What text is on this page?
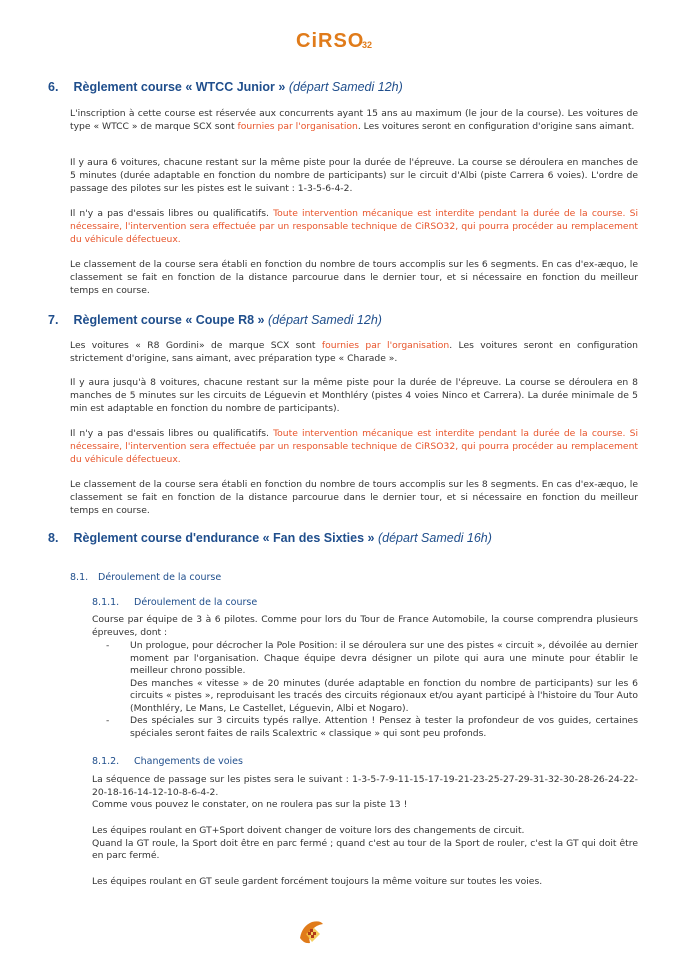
CiRSO
32
6. Règlement course « WTCC Junior » (départ Samedi 12h)

L'inscription à cette course est réservée aux concurrents ayant 15 ans au maximum (le jour de la course). Les voitures de type « WTCC » de marque SCX sont fournies par l'organisation. Les voitures seront en configuration d'origine sans aimant.

Il y aura 6 voitures, chacune restant sur la même piste pour la durée de l'épreuve. La course se déroulera en manches de 5 minutes (durée adaptable en fonction du nombre de participants) sur le circuit d'Albi (piste Carrera 6 voies). L'ordre de passage des pilotes sur les pistes est le suivant : 1-3-5-6-4-2.

Il n'y a pas d'essais libres ou qualificatifs. Toute intervention mécanique est interdite pendant la durée de la course. Si nécessaire, l'intervention sera effectuée par un responsable technique de CiRSO32, qui pourra procéder au remplacement du véhicule défectueux.

Le classement de la course sera établi en fonction du nombre de tours accomplis sur les 6 segments. En cas d'ex-æquo, le classement se fait en fonction de la distance parcourue dans le dernier tour, et si nécessaire en fonction du meilleur temps en course.

7. Règlement course « Coupe R8 » (départ Samedi 12h)

Les voitures « R8 Gordini» de marque SCX sont fournies par l'organisation. Les voitures seront en configuration strictement d'origine, sans aimant, avec préparation type « Charade ».

Il y aura jusqu'à 8 voitures, chacune restant sur la même piste pour la durée de l'épreuve. La course se déroulera en 8 manches de 5 minutes sur les circuits de Léguevin et Monthléry (pistes 4 voies Ninco et Carrera). La durée minimale de 5 min est adaptable en fonction du nombre de participants).

Il n'y a pas d'essais libres ou qualificatifs. Toute intervention mécanique est interdite pendant la durée de la course. Si nécessaire, l'intervention sera effectuée par un responsable technique de CiRSO32, qui pourra procéder au remplacement du véhicule défectueux.

Le classement de la course sera établi en fonction du nombre de tours accomplis sur les 8 segments. En cas d'ex-æquo, le classement se fait en fonction de la distance parcourue dans le dernier tour, et si nécessaire en fonction du meilleur temps en course.

8. Règlement course d'endurance « Fan des Sixties » (départ Samedi 16h)
8.1. Déroulement de la course
8.1.1. Déroulement de la course

Course par équipe de 3 à 6 pilotes. Comme pour lors du Tour de France Automobile, la course comprendra plusieurs épreuves, dont :

- Un prologue, pour décrocher la Pole Position: il se déroulera sur une des pistes « circuit », dévoilée au dernier moment par l'organisation. Chaque équipe devra désigner un pilote qui aura une minute pour établir le meilleur chrono possible.
Des manches « vitesse » de 20 minutes (durée adaptable en fonction du nombre de participants) sur les 6 circuits « pistes », reproduisant les tracés des circuits régionaux et/ou ayant participé à l'histoire du Tour Auto (Monthléry, Le Mans, Le Castellet, Léguevin, Albi et Nogaro).
- Des spéciales sur 3 circuits typés rallye. Attention ! Pensez à tester la profondeur de vos guides, certaines spéciales seront faites de rails Scalextric « classique » qui sont peu profonds.
8.1.2. Changements de voies

La séquence de passage sur les pistes sera le suivant : 1-3-5-7-9-11-15-17-19-21-23-25-27-29-31-32-30-28-26-24-22-20-18-16-14-12-10-8-6-4-2.
Comme vous pouvez le constater, on ne roulera pas sur la piste 13 !

Les équipes roulant en GT+Sport doivent changer de voiture lors des changements de circuit.
Quand la GT roule, la Sport doit être en parc fermé ; quand c'est au tour de la Sport de rouler, c'est la GT qui doit être en parc fermé.

Les équipes roulant en GT seule gardent forcément toujours la même voiture sur toutes les voies.
